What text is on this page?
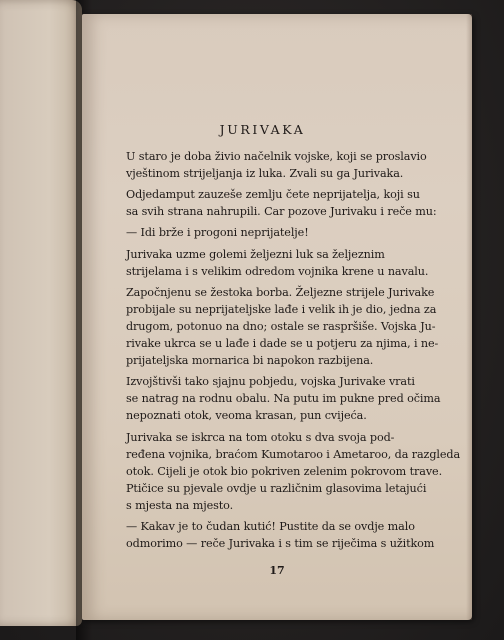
JURIVAKA

U staro je doba živio načelnik vojske, koji se proslavio
vještinom strijeljanja iz luka. Zvali su ga Jurivaka.

Odjedamput zauzeše zemlju čete neprijatelja, koji su
sa svih strana nahrupili. Car pozove Jurivaku i reče mu:

— Idi brže i progoni neprijatelje!

Jurivaka uzme golemi željezni luk sa željeznim
strijelama i s velikim odredom vojnika krene u navalu.

Započnjenu se žestoka borba. Željezne strijele Jurivake
probijale su neprijateljske lađe i velik ih je dio, jedna za
drugom, potonuo na dno; ostale se raspršiše. Vojska Ju-
rivake ukrca se u lađe i dade se u potjeru za njima, i ne-
prijateljska mornarica bi napokon razbijena.

Izvojštivši tako sjajnu pobjedu, vojska Jurivake vrati
se natrag na rodnu obalu. Na putu im pukne pred očima
nepoznati otok, veoma krasan, pun cvijeća.

Jurivaka se iskrca na tom otoku s dva svoja pod-
ređena vojnika, braćom Kumotaroo i Ametaroo, da razgleda
otok. Cijeli je otok bio pokriven zelenim pokrovom trave.
Ptičice su pjevale ovdje u različnim glasovima letajući
s mjesta na mjesto.

— Kakav je to čudan kutić! Pustite da se ovdje malo
odmorimo — reče Jurivaka i s tim se riječima s užitkom

17
